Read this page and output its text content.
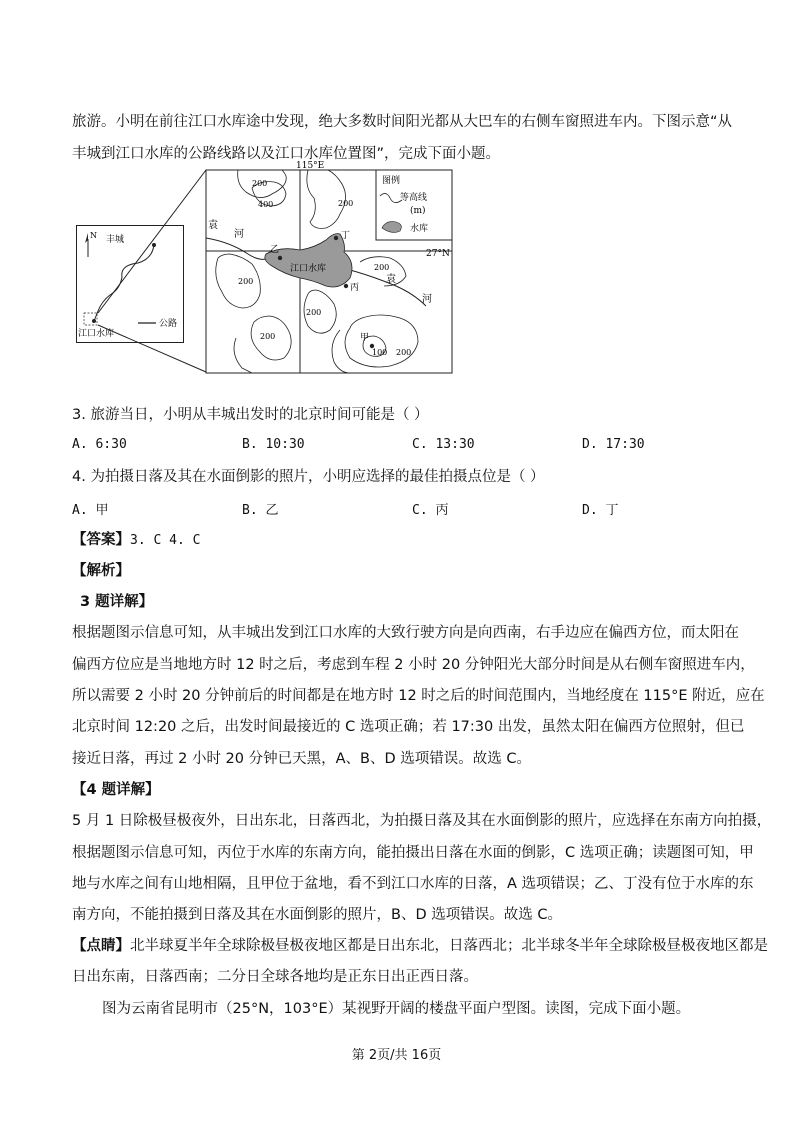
旅游。小明在前往江口水库途中发现，绝大多数时间阳光都从大巴车的右侧车窗照进车内。下图示意“从
丰城到江口水库的公路线路以及江口水库位置图”，完成下面小题。
N 丰城
江口水库
公路
115°E
27°N
图例
等高线
(m)
水库
袁
河
袁
河
江口水库
200
400	200
200
200
200
200
100 200
乙
丁
丙
甲
3. 旅游当日，小明从丰城出发时的北京时间可能是（ ）
A. 6:30	B. 10:30	C. 13:30	D. 17:30
4. 为拍摄日落及其在水面倒影的照片，小明应选择的最佳拍摄点位是（ ）
A. 甲	B. 乙	C. 丙	D. 丁
【答案】3. C 4. C
【解析】
3 题详解】
根据题图示信息可知，从丰城出发到江口水库的大致行驶方向是向西南，右手边应在偏西方位，而太阳在
偏西方位应是当地地方时 12 时之后，考虑到车程 2 小时 20 分钟阳光大部分时间是从右侧车窗照进车内，
所以需要 2 小时 20 分钟前后的时间都是在地方时 12 时之后的时间范围内，当地经度在 115°E 附近，应在
北京时间 12:20 之后，出发时间最接近的 C 选项正确；若 17:30 出发，虽然太阳在偏西方位照射，但已
接近日落，再过 2 小时 20 分钟已天黑，A、B、D 选项错误。故选 C。
【4 题详解】
5 月 1 日除极昼极夜外，日出东北，日落西北，为拍摄日落及其在水面倒影的照片，应选择在东南方向拍摄，
根据题图示信息可知，丙位于水库的东南方向，能拍摄出日落在水面的倒影，C 选项正确；读题图可知，甲
地与水库之间有山地相隔，且甲位于盆地，看不到江口水库的日落，A 选项错误；乙、丁没有位于水库的东
南方向，不能拍摄到日落及其在水面倒影的照片，B、D 选项错误。故选 C。
【点睛】北半球夏半年全球除极昼极夜地区都是日出东北，日落西北；北半球冬半年全球除极昼极夜地区都是
日出东南，日落西南；二分日全球各地均是正东日出正西日落。
图为云南省昆明市（25°N，103°E）某视野开阔的楼盘平面户型图。读图，完成下面小题。
第 2页/共 16页
